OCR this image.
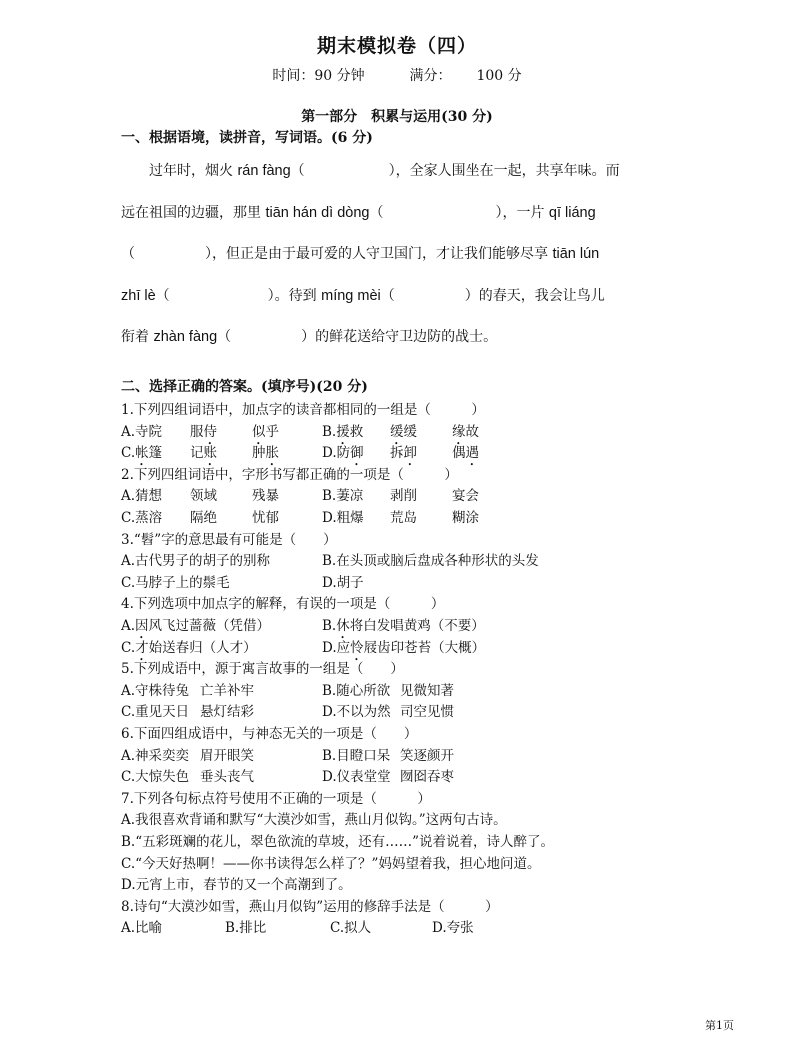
期末模拟卷（四）
时间：90 分钟	满分： 100 分
第一部分　积累与运用(30 分)
一、根据语境，读拼音，写词语。(6 分)
　　过年时，烟火 rán fàng（　　　　　　），全家人围坐在一起，共享年味。而
远在祖国的边疆，那里 tiān hán dì dòng（　　　　　　　　），一片 qī liáng
（　　　　　），但正是由于最可爱的人守卫国门，才让我们能够尽享 tiān lún
zhī lè（　　　　　　　）。待到 míng mèi（　　　　　）的春天，我会让鸟儿
衔着 zhàn fàng（　　　　　）的鲜花送给守卫边防的战士。
二、选择正确的答案。(填序号)(20 分)
1.下列四组词语中，加点字的读音都相同的一组是（　　　）
A.寺院 服侍	似乎	B.援救 缓缓	缘故
C.帐篷 记账	肿胀	D.防御 拆卸	偶遇
2.下列四组词语中，字形书写都正确的一项是（　　　）
A.猜想 领域	残暴	B.萋凉 剥削	宴会
C.蒸溶 隔绝	忧郁	D.粗爆 荒岛	糊涂
3.“髫”字的意思最有可能是（　　）
A.古代男子的胡子的别称	B.在头顶或脑后盘成各种形状的头发
C.马脖子上的鬃毛	D.胡子
4.下列选项中加点字的解释，有误的一项是（　　　）
A.因风飞过蔷薇（凭借）	B.休将白发唱黄鸡（不要）
C.才始送春归（人才）	D.应怜屐齿印苍苔（大概）
5.下列成语中，源于寓言故事的一组是（　　）
A.守株待兔 亡羊补牢	B.随心所欲 见微知著
C.重见天日 悬灯结彩	D.不以为然 司空见惯
6.下面四组成语中，与神态无关的一项是（　　）
A.神采奕奕 眉开眼笑	B.目瞪口呆 笑逐颜开
C.大惊失色 垂头丧气	D.仪表堂堂 囫囵吞枣
7.下列各句标点符号使用不正确的一项是（　　　）
A.我很喜欢背诵和默写“大漠沙如雪，燕山月似钩。”这两句古诗。
B.“五彩斑斓的花儿，翠色欲流的草坡，还有……”说着说着，诗人醉了。
C.“今天好热啊！——你书读得怎么样了？”妈妈望着我，担心地问道。
D.元宵上市，春节的又一个高潮到了。
8.诗句“大漠沙如雪，燕山月似钩”运用的修辞手法是（　　　）
A.比喻	B.排比	C.拟人	D.夸张
第1页
